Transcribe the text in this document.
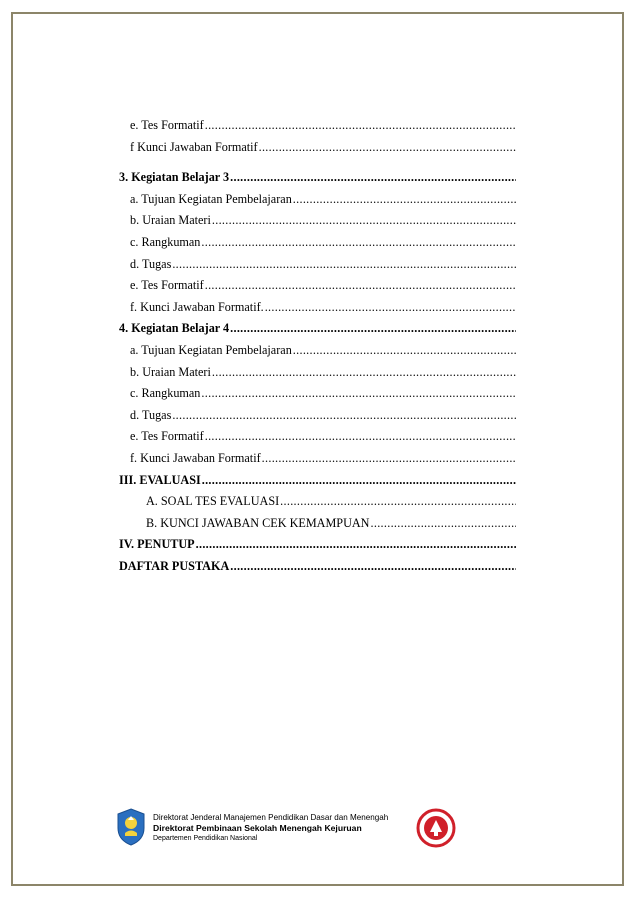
e. Tes Formatif
.....
f Kunci Jawaban Formatif
.....
3. Kegiatan Belajar 3
.....
a. Tujuan Kegiatan Pembelajaran
.....
b. Uraian Materi
.....
c. Rangkuman
.....
d. Tugas
.....
e. Tes Formatif
.....
f. Kunci Jawaban Formatif.
.....
4. Kegiatan Belajar 4
.....
a. Tujuan Kegiatan Pembelajaran
.....
b. Uraian Materi
.....
c. Rangkuman
.....
d. Tugas
.....
e. Tes Formatif
.....
f. Kunci Jawaban Formatif
.....
III. EVALUASI
.....
A. SOAL TES EVALUASI
.....
B. KUNCI JAWABAN CEK KEMAMPUAN
.....
IV. PENUTUP
.....
DAFTAR PUSTAKA
.....
Direktorat Jenderal Manajemen Pendidikan Dasar dan Menengah
Direktorat Pembinaan Sekolah Menengah Kejuruan
Departemen Pendidikan Nasional
